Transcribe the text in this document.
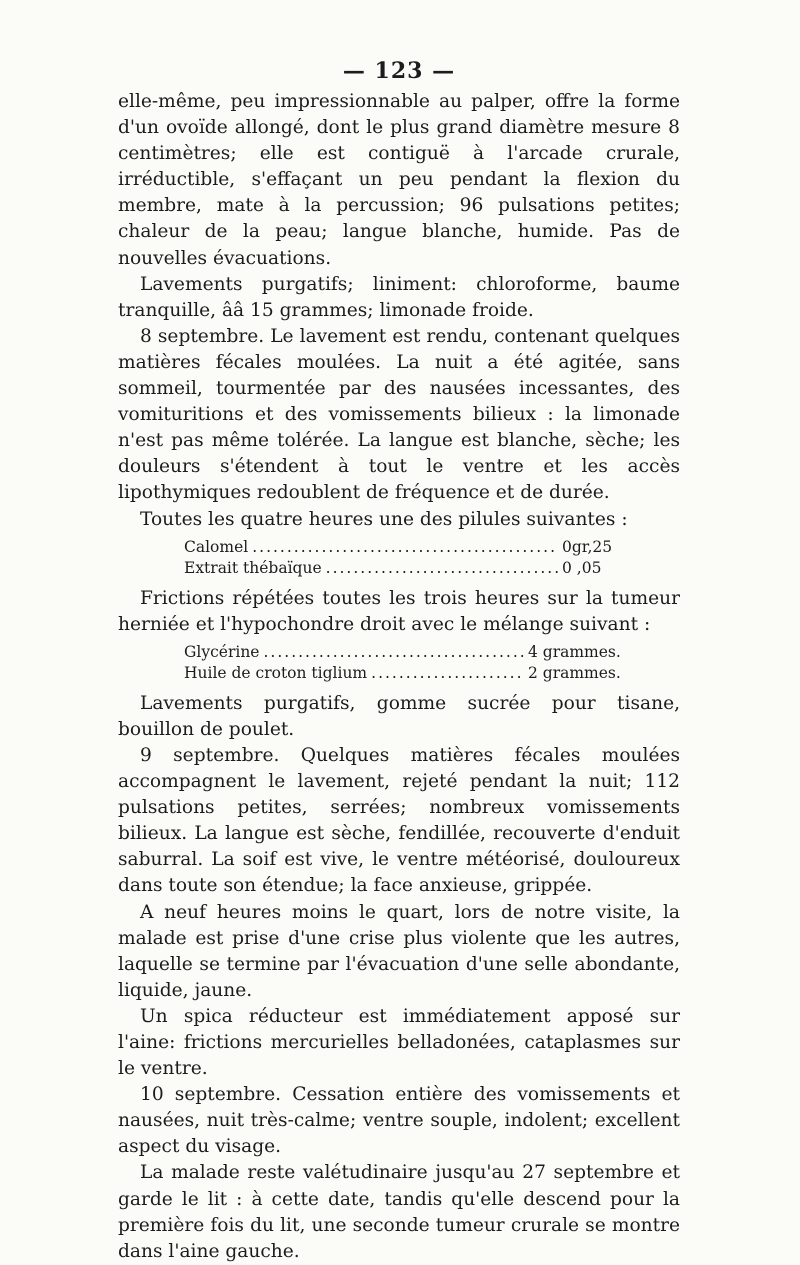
— 123 —

elle-même, peu impressionnable au palper, offre la forme d'un ovoïde allongé, dont le plus grand diamètre mesure 8 centimètres; elle est contiguë à l'arcade crurale, irréductible, s'effaçant un peu pendant la flexion du membre, mate à la percussion; 96 pulsations petites; chaleur de la peau; langue blanche, humide. Pas de nouvelles évacuations.

Lavements purgatifs; liniment: chloroforme, baume tranquille, ââ 15 grammes; limonade froide.

8 septembre. Le lavement est rendu, contenant quelques matières fécales moulées. La nuit a été agitée, sans sommeil, tourmentée par des nausées incessantes, des vomituritions et des vomissements bilieux : la limonade n'est pas même tolérée. La langue est blanche, sèche; les douleurs s'étendent à tout le ventre et les accès lipothymiques redoublent de fréquence et de durée.

Toutes les quatre heures une des pilules suivantes :

Calomel .....	0gr,25
Extrait thébaïque .....	0 ,05

Frictions répétées toutes les trois heures sur la tumeur herniée et l'hypochondre droit avec le mélange suivant :

Glycérine .....	4 grammes.
Huile de croton tiglium .....	2 grammes.

Lavements purgatifs, gomme sucrée pour tisane, bouillon de poulet.

9 septembre. Quelques matières fécales moulées accompagnent le lavement, rejeté pendant la nuit; 112 pulsations petites, serrées; nombreux vomissements bilieux. La langue est sèche, fendillée, recouverte d'enduit saburral. La soif est vive, le ventre météorisé, douloureux dans toute son étendue; la face anxieuse, grippée.

A neuf heures moins le quart, lors de notre visite, la malade est prise d'une crise plus violente que les autres, laquelle se termine par l'évacuation d'une selle abondante, liquide, jaune.

Un spica réducteur est immédiatement apposé sur l'aine: frictions mercurielles belladonées, cataplasmes sur le ventre.

10 septembre. Cessation entière des vomissements et nausées, nuit très-calme; ventre souple, indolent; excellent aspect du visage.

La malade reste valétudinaire jusqu'au 27 septembre et garde le lit : à cette date, tandis qu'elle descend pour la première fois du lit, une seconde tumeur crurale se montre dans l'aine gauche.
